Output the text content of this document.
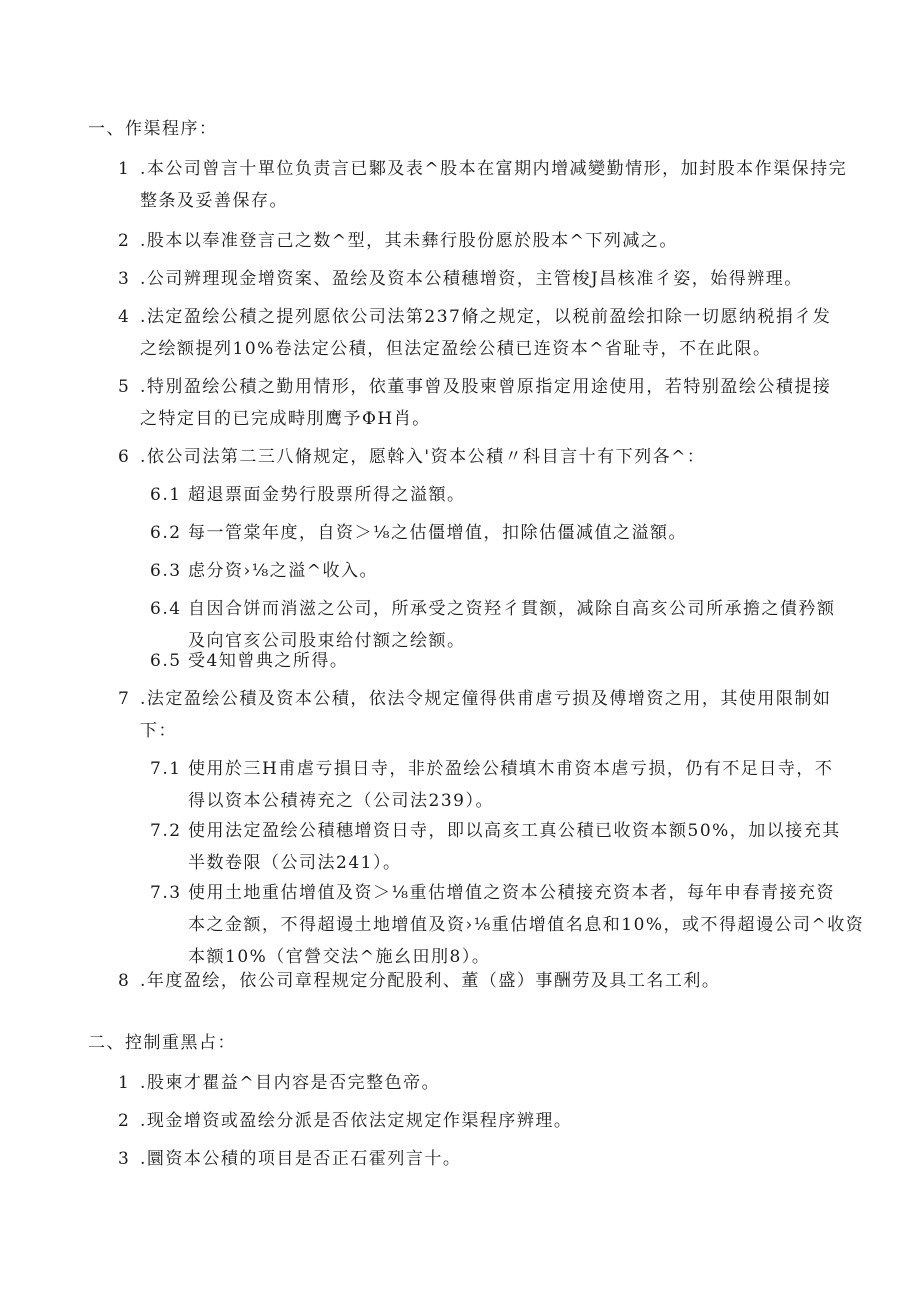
一、作渠程序：
1 .本公司曾言十單位负责言已鄹及表^股本在富期内增减變勤情形，加封股本作渠保持完
整条及妥善保存。
2 .股本以奉准登言己之数^型，其未彝行股份愿於股本^下列减之。
3 .公司辨理现金增资案、盈绘及资本公積穗增资，主管梭J昌核准彳姿，始得辨理。
4 .法定盈绘公積之提列愿依公司法第237脩之规定，以税前盈绘扣除一切愿纳税捐彳发
之绘额提列10%卷法定公積，但法定盈绘公積已连资本^省耻寺，不在此限。
5 .特別盈绘公積之勤用情形，依董事曾及股柬曾原指定用途使用，若特别盈绘公積提接
之特定目的已完成畤刖鹰予ΦH肖。
6 .依公司法第二三八脩规定，愿斡入'资本公積〃科目言十有下列各^：
6.1 超退票面金势行股票所得之溢額。
6.2 每一管棠年度，自资＞⅛之估僵增值，扣除估僵减值之溢額。
6.3 虑分资›⅛之溢^收入。
6.4 自因合饼而消滋之公司，所承受之资羟彳貫额，减除自高亥公司所承擔之債矜额
及向官亥公司股束给付额之绘额。
6.5 受4知曾典之所得。
7 .法定盈绘公積及资本公積，依法令规定僮得供甫虐亏损及傅增资之用，其使用限制如
下：
7.1 使用於三H甫虐亏損日寺，非於盈绘公積填木甫资本虐亏损，仍有不足日寺，不
得以资本公積祷充之（公司法239）。
7.2 使用法定盈绘公積穗增资日寺，即以高亥工真公積已收资本额50%，加以接充其
半数卷限（公司法241）。
7.3 使用土地重估增值及资＞⅛重估增值之资本公積接充资本者，每年申春青接充资
本之金额，不得超谩土地增值及资›⅛重估增值名息和10%，或不得超谩公司^收资
本额10%（官營交法^施幺田刖8）。
8 .年度盈绘，依公司章程规定分配股利、董（盛）事酬劳及具工名工利。
二、控制重黑占：
1 .股柬才瞿益^目内容是否完整色帝。
2 .现金增资或盈绘分派是否依法定规定作渠程序辨理。
3 .圜资本公積的项目是否正石霍列言十。
